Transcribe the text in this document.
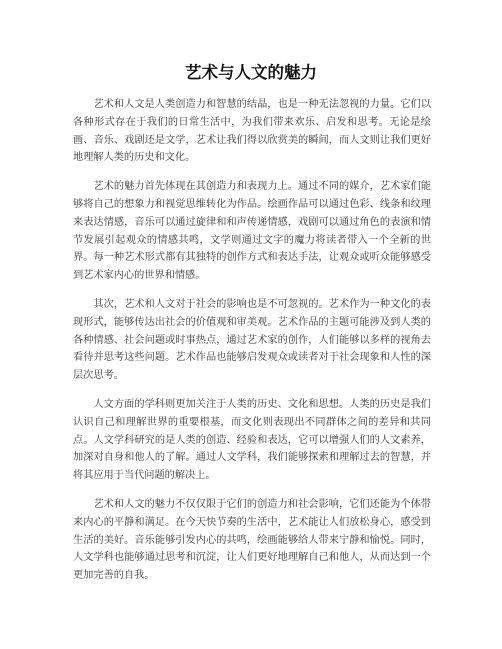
艺术与人文的魅力

艺术和人文是人类创造力和智慧的结晶，也是一种无法忽视的力量。它们以各种形式存在于我们的日常生活中，为我们带来欢乐、启发和思考。无论是绘画、音乐、戏剧还是文学，艺术让我们得以欣赏美的瞬间，而人文则让我们更好地理解人类的历史和文化。

艺术的魅力首先体现在其创造力和表现力上。通过不同的媒介，艺术家们能够将自己的想象力和视觉思维转化为作品。绘画作品可以通过色彩、线条和纹理来表达情感，音乐可以通过旋律和和声传递情感，戏剧可以通过角色的表演和情节发展引起观众的情感共鸣，文学则通过文字的魔力将读者带入一个全新的世界。每一种艺术形式都有其独特的创作方式和表达手法，让观众或听众能够感受到艺术家内心的世界和情感。

其次，艺术和人文对于社会的影响也是不可忽视的。艺术作为一种文化的表现形式，能够传达出社会的价值观和审美观。艺术作品的主题可能涉及到人类的各种情感、社会问题或时事热点，通过艺术家的创作，人们能够以多样的视角去看待并思考这些问题。艺术作品也能够启发观众或读者对于社会现象和人性的深层次思考。

人文方面的学科则更加关注于人类的历史、文化和思想。人类的历史是我们认识自己和理解世界的重要根基，而文化则表现出不同群体之间的差异和共同点。人文学科研究的是人类的创造、经验和表达，它可以增强人们的人文素养，加深对自身和他人的了解。通过人文学科，我们能够探索和理解过去的智慧，并将其应用于当代问题的解决上。

艺术和人文的魅力不仅仅限于它们的创造力和社会影响，它们还能为个体带来内心的平静和满足。在今天快节奏的生活中，艺术能让人们放松身心，感受到生活的美好。音乐能够引发内心的共鸣，绘画能够给人带来宁静和愉悦。同时，人文学科也能够通过思考和沉淀，让人们更好地理解自己和他人，从而达到一个更加完善的自我。
